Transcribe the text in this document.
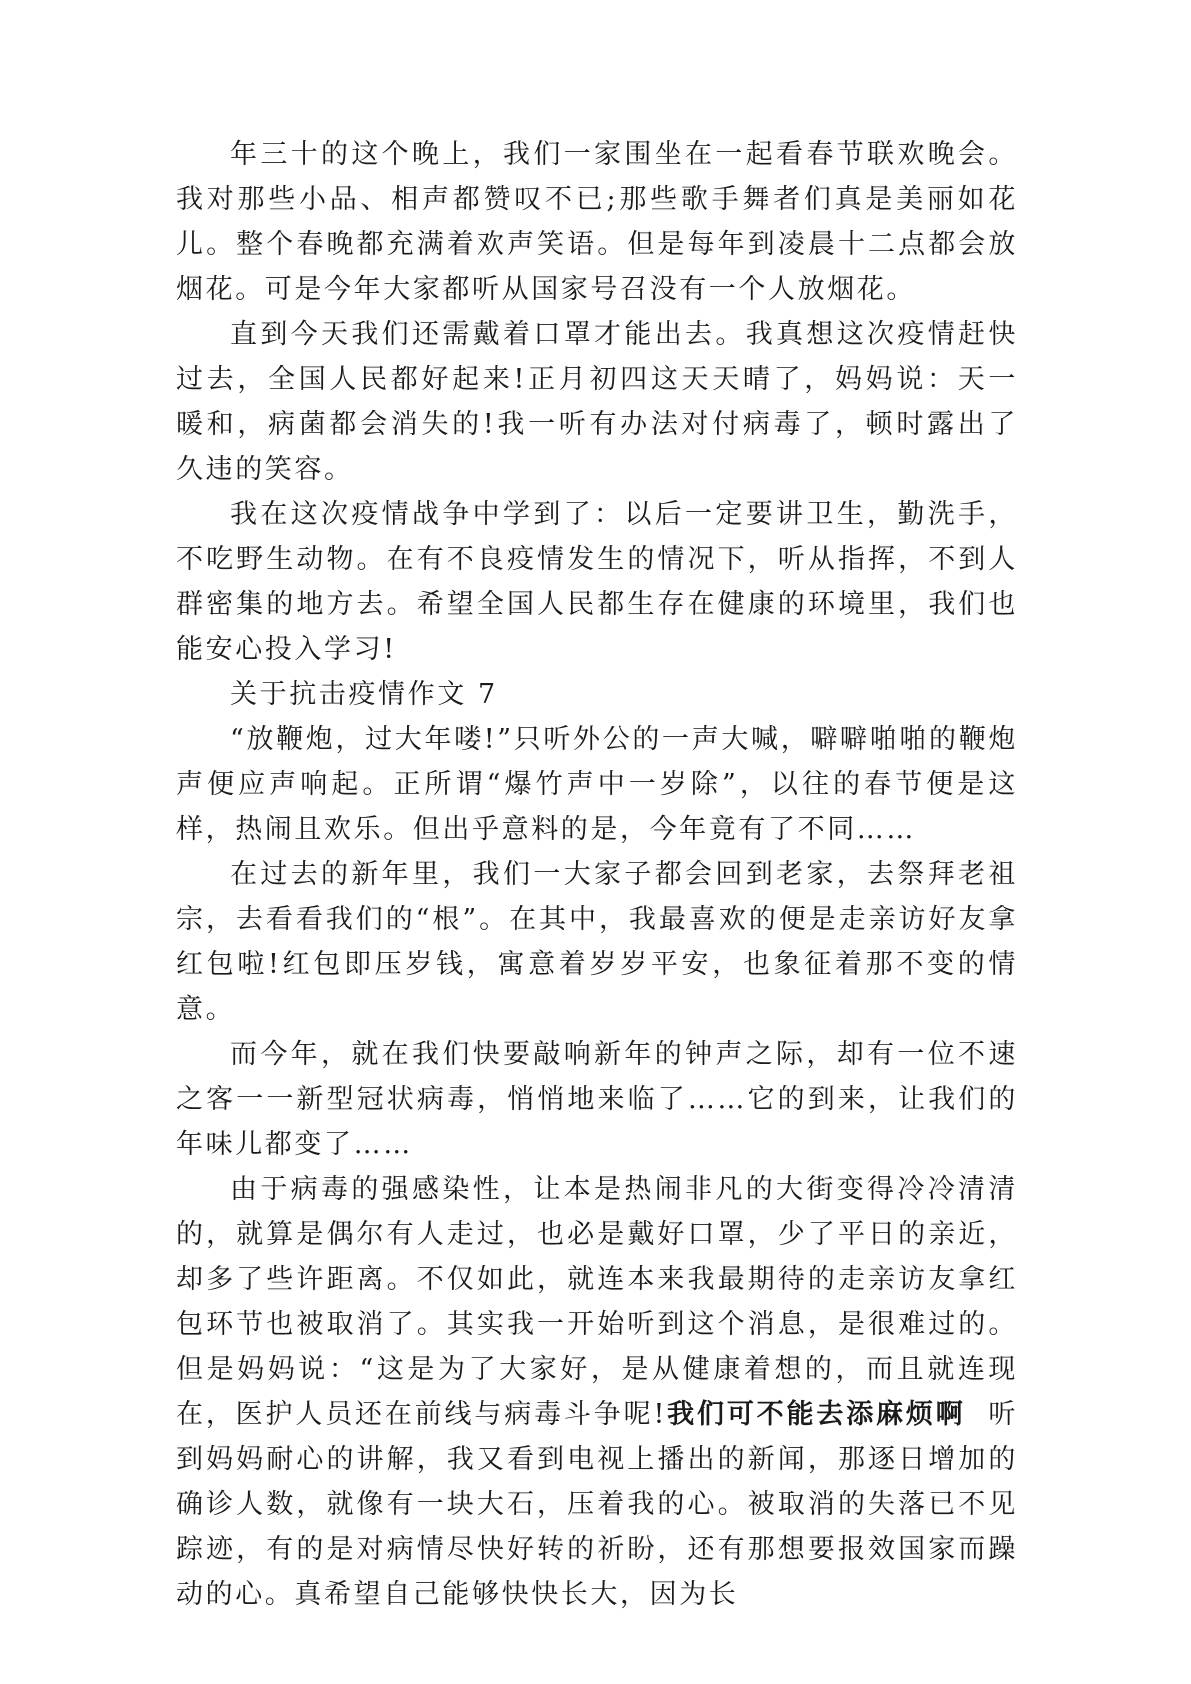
年三十的这个晚上，我们一家围坐在一起看春节联欢晚会。我对那些小品、相声都赞叹不已;那些歌手舞者们真是美丽如花儿。整个春晚都充满着欢声笑语。但是每年到凌晨十二点都会放烟花。可是今年大家都听从国家号召没有一个人放烟花。

直到今天我们还需戴着口罩才能出去。我真想这次疫情赶快过去，全国人民都好起来!正月初四这天天晴了，妈妈说：天一暖和，病菌都会消失的!我一听有办法对付病毒了，顿时露出了久违的笑容。

我在这次疫情战争中学到了：以后一定要讲卫生，勤洗手，不吃野生动物。在有不良疫情发生的情况下，听从指挥，不到人群密集的地方去。希望全国人民都生存在健康的环境里，我们也能安心投入学习!

关于抗击疫情作文 7

“放鞭炮，过大年喽!”只听外公的一声大喊，噼噼啪啪的鞭炮声便应声响起。正所谓“爆竹声中一岁除”，以往的春节便是这样，热闹且欢乐。但出乎意料的是，今年竟有了不同……

在过去的新年里，我们一大家子都会回到老家，去祭拜老祖宗，去看看我们的“根”。在其中，我最喜欢的便是走亲访好友拿红包啦!红包即压岁钱，寓意着岁岁平安，也象征着那不变的情意。

而今年，就在我们快要敲响新年的钟声之际，却有一位不速之客一一新型冠状病毒，悄悄地来临了……它的到来，让我们的年味儿都变了……

由于病毒的强感染性，让本是热闹非凡的大街变得冷冷清清的，就算是偶尔有人走过，也必是戴好口罩，少了平日的亲近，却多了些许距离。不仅如此，就连本来我最期待的走亲访友拿红包环节也被取消了。其实我一开始听到这个消息，是很难过的。但是妈妈说：“这是为了大家好，是从健康着想的，而且就连现在，医护人员还在前线与病毒斗争呢!我们可不能去添麻烦啊  听到妈妈耐心的讲解，我又看到电视上播出的新闻，那逐日增加的确诊人数，就像有一块大石，压着我的心。被取消的失落已不见踪迹，有的是对病情尽快好转的祈盼，还有那想要报效国家而躁动的心。真希望自己能够快快长大，因为长
